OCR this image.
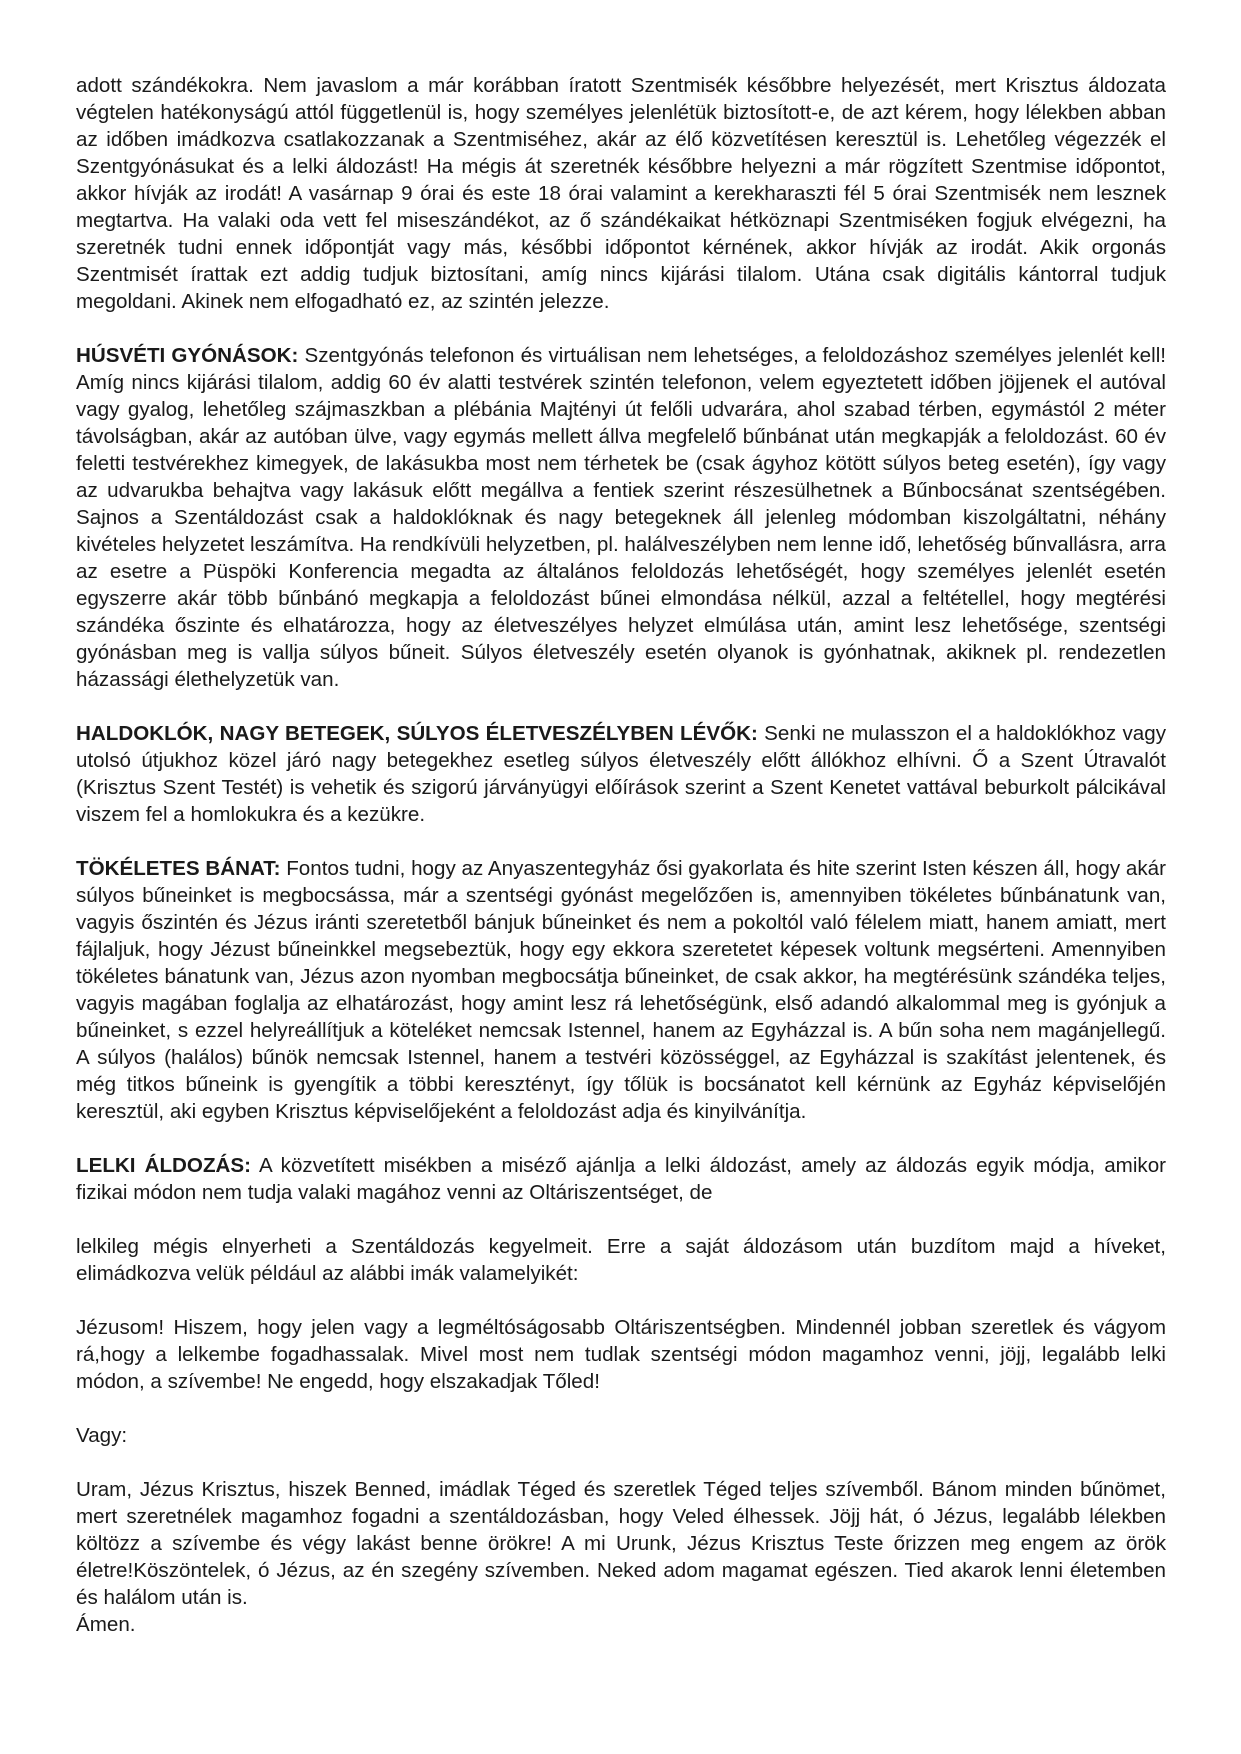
adott szándékokra. Nem javaslom a már korábban íratott Szentmisék későbbre helyezését, mert Krisztus áldozata végtelen hatékonyságú attól függetlenül is, hogy személyes jelenlétük biztosított-e, de azt kérem, hogy lélekben abban az időben imádkozva csatlakozzanak a Szentmiséhez, akár az élő közvetítésen keresztül is. Lehetőleg végezzék el Szentgyónásukat és a lelki áldozást! Ha mégis át szeretnék későbbre helyezni a már rögzített Szentmise időpontot, akkor hívják az irodát! A vasárnap 9 órai és este 18 órai valamint a kerekharaszti fél 5 órai Szentmisék nem lesznek megtartva. Ha valaki oda vett fel miseszándékot, az ő szándékaikat hétköznapi Szentmiséken fogjuk elvégezni, ha szeretnék tudni ennek időpontját vagy más, későbbi időpontot kérnének, akkor hívják az irodát. Akik orgonás Szentmisét írattak ezt addig tudjuk biztosítani, amíg nincs kijárási tilalom. Utána csak digitális kántorral tudjuk megoldani. Akinek nem elfogadható ez, az szintén jelezze.

HÚSVÉTI GYÓNÁSOK: Szentgyónás telefonon és virtuálisan nem lehetséges, a feloldozáshoz személyes jelenlét kell! Amíg nincs kijárási tilalom, addig 60 év alatti testvérek szintén telefonon, velem egyeztetett időben jöjjenek el autóval vagy gyalog, lehetőleg szájmaszkban a plébánia Majtényi út felőli udvarára, ahol szabad térben, egymástól 2 méter távolságban, akár az autóban ülve, vagy egymás mellett állva megfelelő bűnbánat után megkapják a feloldozást. 60 év feletti testvérekhez kimegyek, de lakásukba most nem térhetek be (csak ágyhoz kötött súlyos beteg esetén), így vagy az udvarukba behajtva vagy lakásuk előtt megállva a fentiek szerint részesülhetnek a Bűnbocsánat szentségében. Sajnos a Szentáldozást csak a haldoklóknak és nagy betegeknek áll jelenleg módomban kiszolgáltatni, néhány kivételes helyzetet leszámítva. Ha rendkívüli helyzetben, pl. halálveszélyben nem lenne idő, lehetőség bűnvallásra, arra az esetre a Püspöki Konferencia megadta az általános feloldozás lehetőségét, hogy személyes jelenlét esetén egyszerre akár több bűnbánó megkapja a feloldozást bűnei elmondása nélkül, azzal a feltétellel, hogy megtérési szándéka őszinte és elhatározza, hogy az életveszélyes helyzet elmúlása után, amint lesz lehetősége, szentségi gyónásban meg is vallja súlyos bűneit. Súlyos életveszély esetén olyanok is gyónhatnak, akiknek pl. rendezetlen házassági élethelyzetük van.

HALDOKLÓK, NAGY BETEGEK, SÚLYOS ÉLETVESZÉLYBEN LÉVŐK: Senki ne mulasszon el a haldoklókhoz vagy utolsó útjukhoz közel járó nagy betegekhez esetleg súlyos életveszély előtt állókhoz elhívni. Ő a Szent Útravalót (Krisztus Szent Testét) is vehetik és szigorú járványügyi előírások szerint a Szent Kenetet vattával beburkolt pálcikával viszem fel a homlokukra és a kezükre.

TÖKÉLETES BÁNAT: Fontos tudni, hogy az Anyaszentegyház ősi gyakorlata és hite szerint Isten készen áll, hogy akár súlyos bűneinket is megbocsássa, már a szentségi gyónást megelőzően is, amennyiben tökéletes bűnbánatunk van, vagyis őszintén és Jézus iránti szeretetből bánjuk bűneinket és nem a pokoltól való félelem miatt, hanem amiatt, mert fájlaljuk, hogy Jézust bűneinkkel megsebeztük, hogy egy ekkora szeretetet képesek voltunk megsérteni. Amennyiben tökéletes bánatunk van, Jézus azon nyomban megbocsátja bűneinket, de csak akkor, ha megtérésünk szándéka teljes, vagyis magában foglalja az elhatározást, hogy amint lesz rá lehetőségünk, első adandó alkalommal meg is gyónjuk a bűneinket, s ezzel helyreállítjuk a köteléket nemcsak Istennel, hanem az Egyházzal is. A bűn soha nem magánjellegű. A súlyos (halálos) bűnök nemcsak Istennel, hanem a testvéri közösséggel, az Egyházzal is szakítást jelentenek, és még titkos bűneink is gyengítik a többi keresztényt, így tőlük is bocsánatot kell kérnünk az Egyház képviselőjén keresztül, aki egyben Krisztus képviselőjeként a feloldozást adja és kinyilvánítja.

LELKI ÁLDOZÁS: A közvetített misékben a miséző ajánlja a lelki áldozást, amely az áldozás egyik módja, amikor fizikai módon nem tudja valaki magához venni az Oltáriszentséget, de

lelkileg mégis elnyerheti a Szentáldozás kegyelmeit. Erre a saját áldozásom után buzdítom majd a híveket, elimádkozva velük például az alábbi imák valamelyikét:

Jézusom! Hiszem, hogy jelen vagy a legméltóságosabb Oltáriszentségben. Mindennél jobban szeretlek és vágyom rá,hogy a lelkembe fogadhassalak. Mivel most nem tudlak szentségi módon magamhoz venni, jöjj, legalább lelki módon, a szívembe! Ne engedd, hogy elszakadjak Tőled!

Vagy:

Uram, Jézus Krisztus, hiszek Benned, imádlak Téged és szeretlek Téged teljes szívemből. Bánom minden bűnömet, mert szeretnélek magamhoz fogadni a szentáldozásban, hogy Veled élhessek. Jöjj hát, ó Jézus, legalább lélekben költözz a szívembe és végy lakást benne örökre! A mi Urunk, Jézus Krisztus Teste őrizzen meg engem az örök életre!Köszöntelek, ó Jézus, az én szegény szívemben. Neked adom magamat egészen. Tied akarok lenni életemben és halálom után is.

Ámen.
